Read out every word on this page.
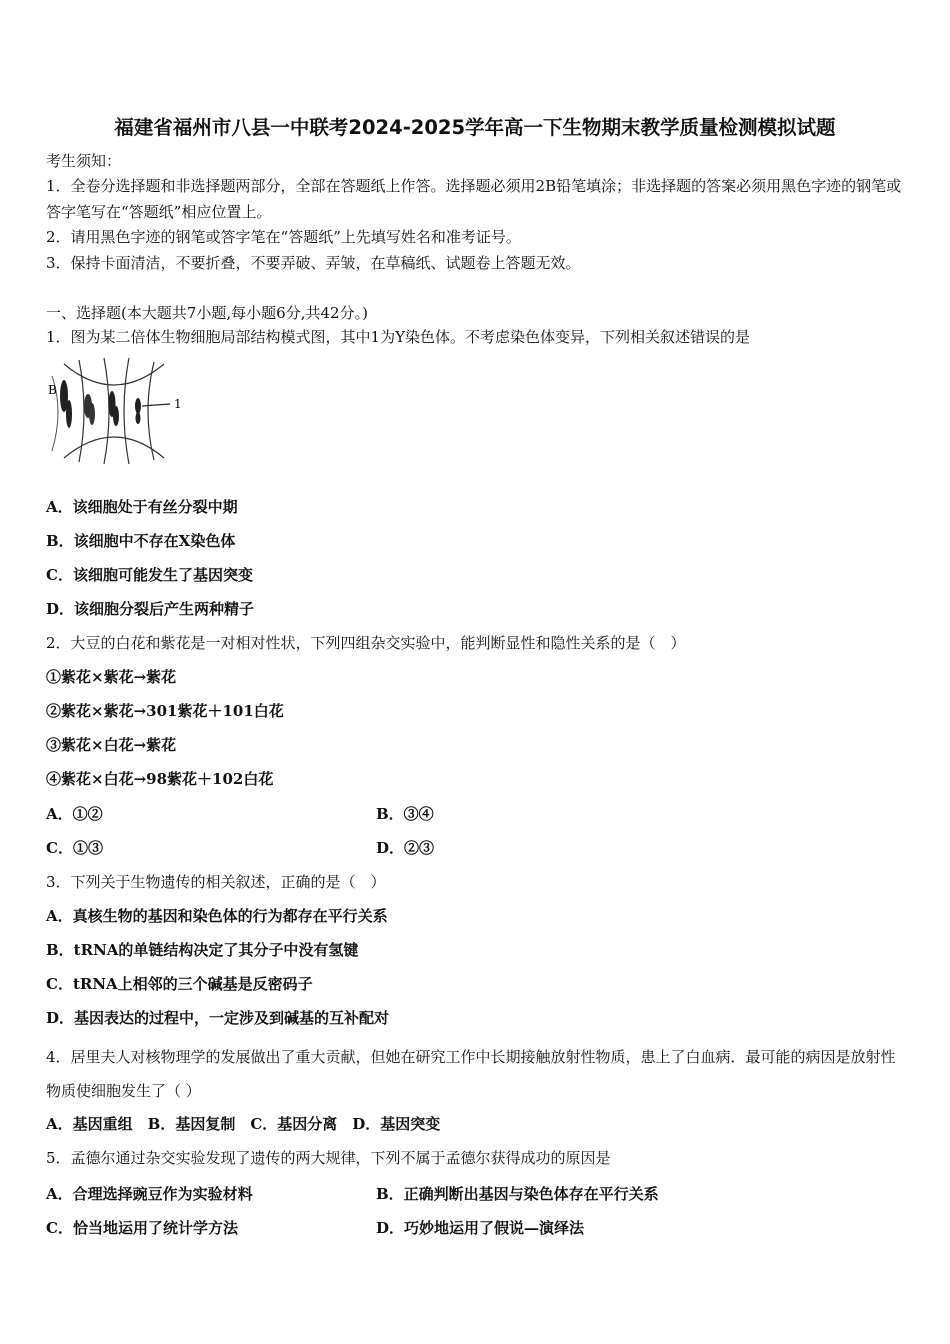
福建省福州市八县一中联考2024-2025学年高一下生物期末教学质量检测模拟试题
考生须知：
1．全卷分选择题和非选择题两部分，全部在答题纸上作答。选择题必须用2B铅笔填涂；非选择题的答案必须用黑色字迹的钢笔或答字笔写在“答题纸”相应位置上。
2．请用黑色字迹的钢笔或答字笔在“答题纸”上先填写姓名和准考证号。
3．保持卡面清洁，不要折叠，不要弄破、弄皱，在草稿纸、试题卷上答题无效。
一、选择题(本大题共7小题,每小题6分,共42分。)
1．图为某二倍体生物细胞局部结构模式图，其中1为Y染色体。不考虑染色体变异，下列相关叙述错误的是
B
1
A．该细胞处于有丝分裂中期
B．该细胞中不存在X染色体
C．该细胞可能发生了基因突变
D．该细胞分裂后产生两种精子
2．大豆的白花和紫花是一对相对性状，下列四组杂交实验中，能判断显性和隐性关系的是（　）
①紫花×紫花→紫花
②紫花×紫花→301紫花＋101白花
③紫花×白花→紫花
④紫花×白花→98紫花＋102白花
A．①②	B．③④
C．①③	D．②③
3．下列关于生物遗传的相关叙述，正确的是（　）
A．真核生物的基因和染色体的行为都存在平行关系
B．tRNA的单链结构决定了其分子中没有氢键
C．tRNA上相邻的三个碱基是反密码子
D．基因表达的过程中，一定涉及到碱基的互补配对
4．居里夫人对核物理学的发展做出了重大贡献，但她在研究工作中长期接触放射性物质，患上了白血病．最可能的病因是放射性物质使细胞发生了（ ）
A．基因重组　B．基因复制　C．基因分离　D．基因突变
5．孟德尔通过杂交实验发现了遗传的两大规律，下列不属于孟德尔获得成功的原因是
A．合理选择豌豆作为实验材料	B．正确判断出基因与染色体存在平行关系
C．恰当地运用了统计学方法	D．巧妙地运用了假说—演绎法
